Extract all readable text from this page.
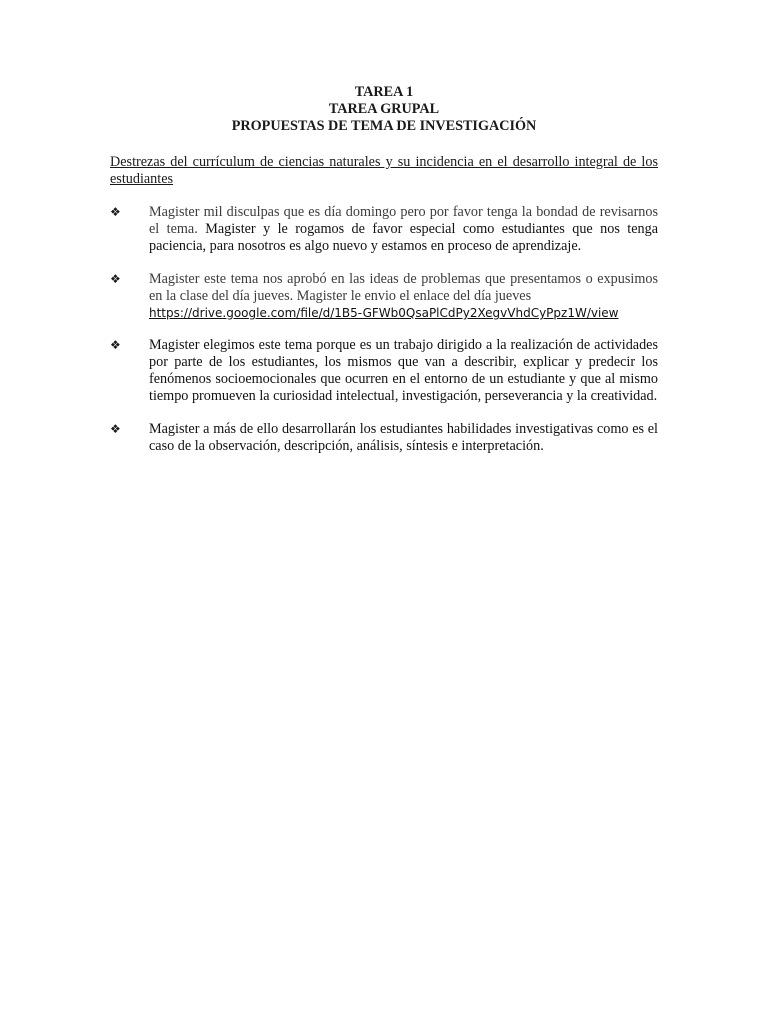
TAREA 1
TAREA GRUPAL
PROPUESTAS DE TEMA DE INVESTIGACIÓN
Destrezas del currículum de ciencias naturales y su incidencia en el desarrollo integral de los estudiantes
❖	Magister mil disculpas que es día domingo pero por favor tenga la bondad de revisarnos el tema. Magister y le rogamos de favor especial como estudiantes que nos tenga paciencia, para nosotros es algo nuevo y estamos en proceso de aprendizaje.
❖	Magister este tema nos aprobó en las ideas de problemas que presentamos o expusimos en la clase del día jueves. Magister le envio el enlace del día jueves
https://drive.google.com/file/d/1B5-GFWb0QsaPlCdPy2XegvVhdCyPpz1W/view
❖	Magister elegimos este tema porque es un trabajo dirigido a la realización de actividades por parte de los estudiantes, los mismos que van a describir, explicar y predecir los fenómenos socioemocionales que ocurren en el entorno de un estudiante y que al mismo tiempo promueven la curiosidad intelectual, investigación, perseverancia y la creatividad.
❖	Magister a más de ello desarrollarán los estudiantes habilidades investigativas como es el caso de la observación, descripción, análisis, síntesis e interpretación.
